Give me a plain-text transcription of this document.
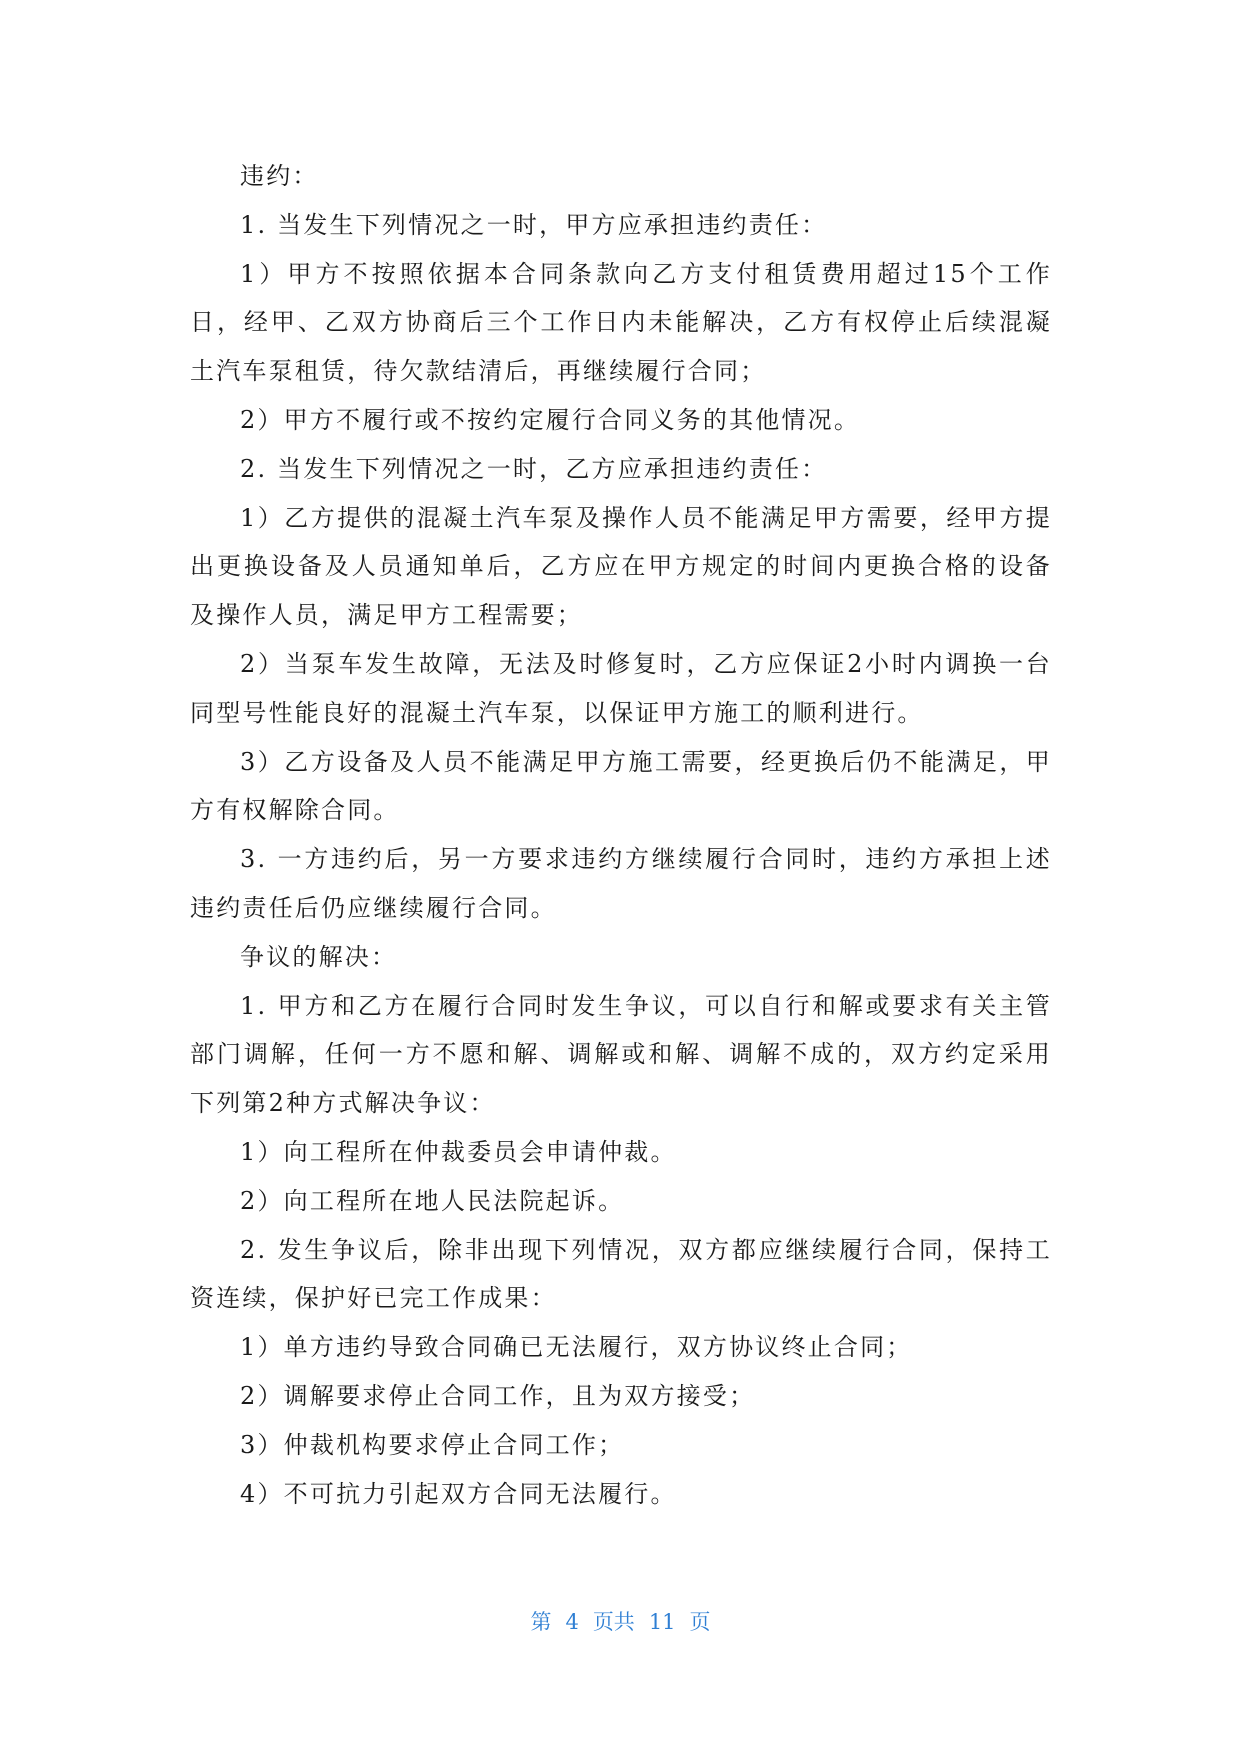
违约：

1. 当发生下列情况之一时，甲方应承担违约责任：

1）甲方不按照依据本合同条款向乙方支付租赁费用超过15个工作日，经甲、乙双方协商后三个工作日内未能解决，乙方有权停止后续混凝土汽车泵租赁，待欠款结清后，再继续履行合同；

2）甲方不履行或不按约定履行合同义务的其他情况。

2. 当发生下列情况之一时，乙方应承担违约责任：

1）乙方提供的混凝土汽车泵及操作人员不能满足甲方需要，经甲方提出更换设备及人员通知单后，乙方应在甲方规定的时间内更换合格的设备及操作人员，满足甲方工程需要；

2）当泵车发生故障，无法及时修复时，乙方应保证2小时内调换一台同型号性能良好的混凝土汽车泵，以保证甲方施工的顺利进行。

3）乙方设备及人员不能满足甲方施工需要，经更换后仍不能满足，甲方有权解除合同。

3. 一方违约后，另一方要求违约方继续履行合同时，违约方承担上述违约责任后仍应继续履行合同。

争议的解决：

1. 甲方和乙方在履行合同时发生争议，可以自行和解或要求有关主管部门调解，任何一方不愿和解、调解或和解、调解不成的，双方约定采用下列第2种方式解决争议：

1）向工程所在仲裁委员会申请仲裁。

2）向工程所在地人民法院起诉。

2. 发生争议后，除非出现下列情况，双方都应继续履行合同，保持工资连续，保护好已完工作成果：

1）单方违约导致合同确已无法履行，双方协议终止合同；

2）调解要求停止合同工作，且为双方接受；

3）仲裁机构要求停止合同工作；

4）不可抗力引起双方合同无法履行。

第 4 页共 11 页
